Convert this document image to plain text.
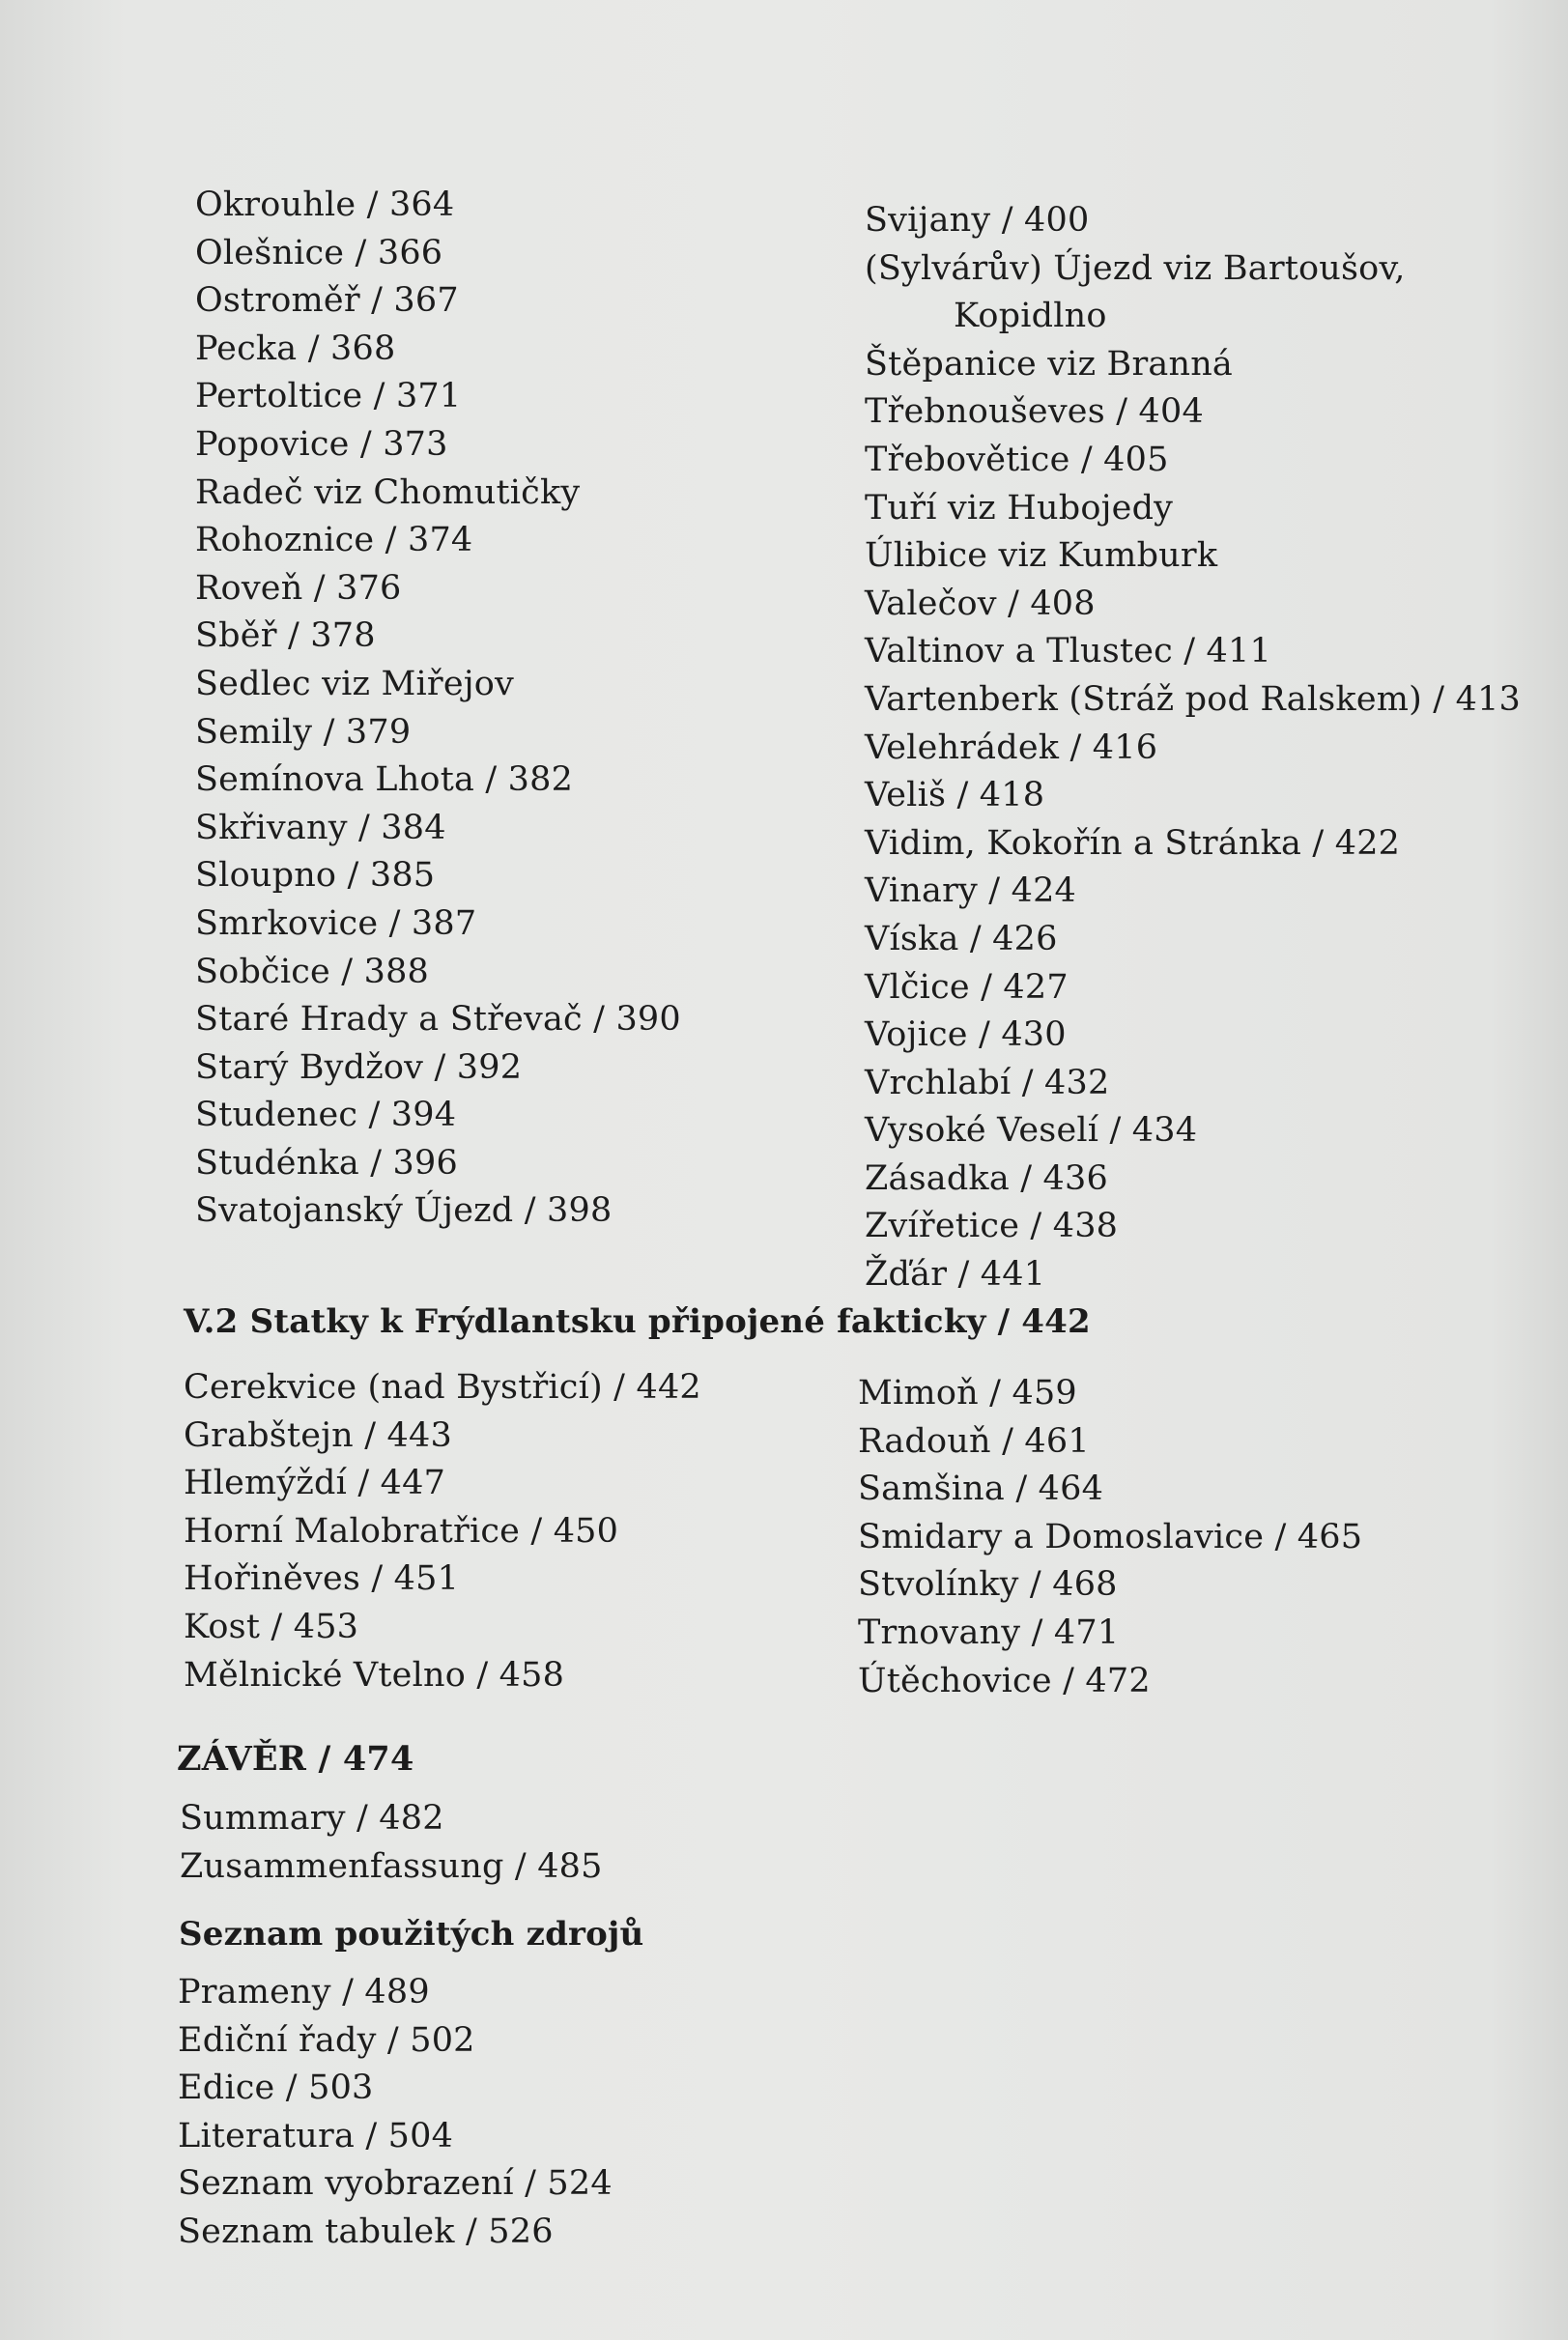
Okrouhle / 364
Olešnice / 366
Ostroměř / 367
Pecka / 368
Pertoltice / 371
Popovice / 373
Radeč viz Chomutičky
Rohoznice / 374
Roveň / 376
Sběř / 378
Sedlec viz Miřejov
Semily / 379
Semínova Lhota / 382
Skřivany / 384
Sloupno / 385
Smrkovice / 387
Sobčice / 388
Staré Hrady a Střevač / 390
Starý Bydžov / 392
Studenec / 394
Studénka / 396
Svatojanský Újezd / 398
Svijany / 400
(Sylvárův) Újezd viz Bartoušov,
Kopidlno
Štěpanice viz Branná
Třebnouševes / 404
Třebovětice / 405
Tuří viz Hubojedy
Úlibice viz Kumburk
Valečov / 408
Valtinov a Tlustec / 411
Vartenberk (Stráž pod Ralskem) / 413
Velehrádek / 416
Veliš / 418
Vidim, Kokořín a Stránka / 422
Vinary / 424
Víska / 426
Vlčice / 427
Vojice / 430
Vrchlabí / 432
Vysoké Veselí / 434
Zásadka / 436
Zvířetice / 438
Žďár / 441
V.2 Statky k Frýdlantsku připojené fakticky / 442
Cerekvice (nad Bystřicí) / 442
Grabštejn / 443
Hlemýždí / 447
Horní Malobratřice / 450
Hořiněves / 451
Kost / 453
Mělnické Vtelno / 458
Mimoň / 459
Radouň / 461
Samšina / 464
Smidary a Domoslavice / 465
Stvolínky / 468
Trnovany / 471
Útěchovice / 472
ZÁVĚR / 474
Summary / 482
Zusammenfassung / 485
Seznam použitých zdrojů
Prameny / 489
Ediční řady / 502
Edice / 503
Literatura / 504
Seznam vyobrazení / 524
Seznam tabulek / 526
